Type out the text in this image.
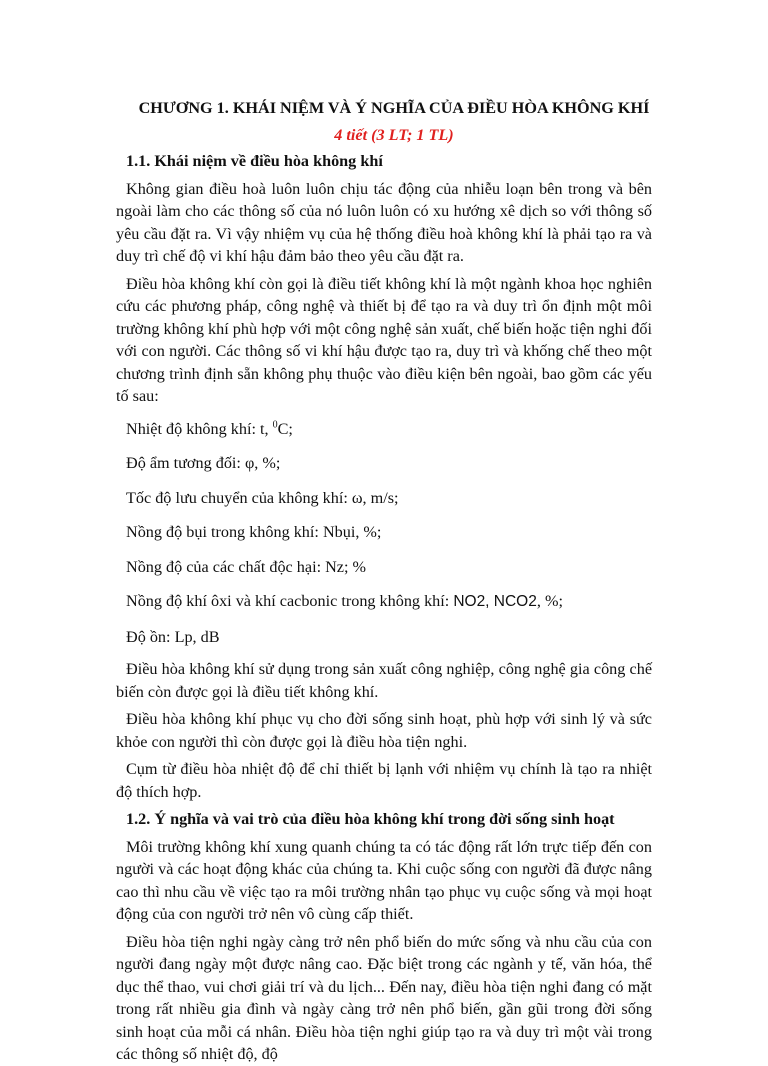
CHƯƠNG 1. KHÁI NIỆM VÀ Ý NGHĨA CỦA ĐIỀU HÒA KHÔNG KHÍ

4 tiết (3 LT; 1 TL)

1.1. Khái niệm về điều hòa không khí

Không gian điều hoà luôn luôn chịu tác động của nhiễu loạn bên trong và bên ngoài làm cho các thông số của nó luôn luôn có xu hướng xê dịch so với thông số yêu cầu đặt ra. Vì vậy nhiệm vụ của hệ thống điều hoà không khí là phải tạo ra và duy trì chế độ vi khí hậu đảm bảo theo yêu cầu đặt ra.

Điều hòa không khí còn gọi là điều tiết không khí là một ngành khoa học nghiên cứu các phương pháp, công nghệ và thiết bị để tạo ra và duy trì ổn định một môi trường không khí phù hợp với một công nghệ sản xuất, chế biến hoặc tiện nghi đối với con người. Các thông số vi khí hậu được tạo ra, duy trì và khống chế theo một chương trình định sẵn không phụ thuộc vào điều kiện bên ngoài, bao gồm các yếu tố sau:

Nhiệt độ không khí: t, $^0$C;

Độ ẩm tương đối: φ, %;

Tốc độ lưu chuyển của không khí: ω, m/s;

Nồng độ bụi trong không khí: Nbụi, %;

Nồng độ của các chất độc hại: Nz; %

Nồng độ khí ôxi và khí cacbonic trong không khí: NO2, NCO2, %;

Độ ồn: Lp, dB

Điều hòa không khí sử dụng trong sản xuất công nghiệp, công nghệ gia công chế biến còn được gọi là điều tiết không khí.

Điều hòa không khí phục vụ cho đời sống sinh hoạt, phù hợp với sinh lý và sức khỏe con người thì còn được gọi là điều hòa tiện nghi.

Cụm từ điều hòa nhiệt độ để chỉ thiết bị lạnh với nhiệm vụ chính là tạo ra nhiệt độ thích hợp.

1.2. Ý nghĩa và vai trò của điều hòa không khí trong đời sống sinh hoạt

Môi trường không khí xung quanh chúng ta có tác động rất lớn trực tiếp đến con người và các hoạt động khác của chúng ta. Khi cuộc sống con người đã được nâng cao thì nhu cầu về việc tạo ra môi trường nhân tạo phục vụ cuộc sống và mọi hoạt động của con người trở nên vô cùng cấp thiết.

Điều hòa tiện nghi ngày càng trở nên phổ biến do mức sống và nhu cầu của con người đang ngày một được nâng cao. Đặc biệt trong các ngành y tế, văn hóa, thể dục thể thao, vui chơi giải trí và du lịch... Đến nay, điều hòa tiện nghi đang có mặt trong rất nhiều gia đình và ngày càng trở nên phổ biến, gần gũi trong đời sống sinh hoạt của mỗi cá nhân. Điều hòa tiện nghi giúp tạo ra và duy trì một vài trong các thông số nhiệt độ, độ
